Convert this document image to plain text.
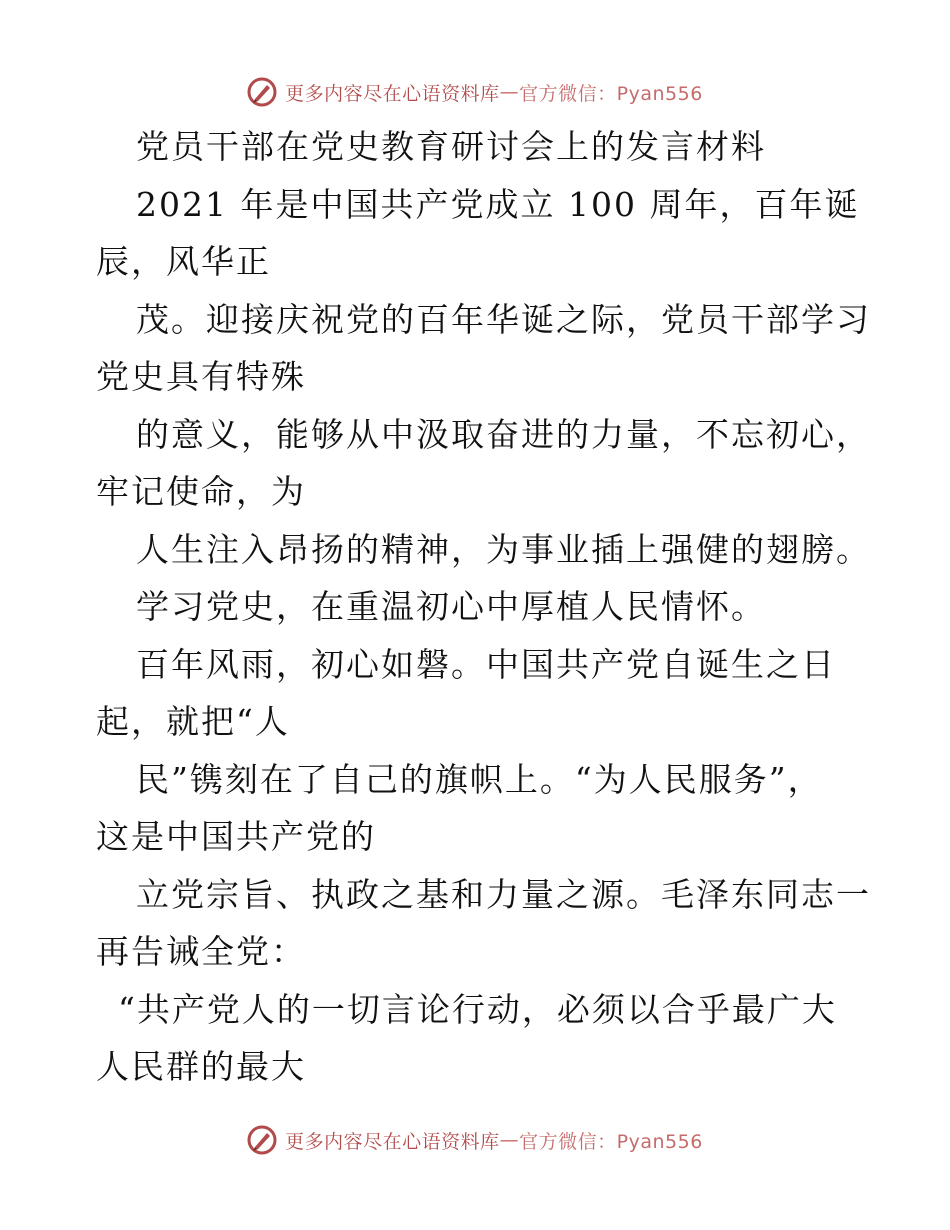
更多内容尽在心语资料库 — 官方微信：Pyan556
党员干部在党史教育研讨会上的发言材料
2021 年是中国共产党成立 100 周年，百年诞
辰，风华正
茂。迎接庆祝党的百年华诞之际，党员干部学习
党史具有特殊
的意义，能够从中汲取奋进的力量，不忘初心，
牢记使命，为
人生注入昂扬的精神，为事业插上强健的翅膀。
学习党史，在重温初心中厚植人民情怀。
百年风雨，初心如磐。中国共产党自诞生之日
起，就把“人
民”镌刻在了自己的旗帜上。“为人民服务”，
这是中国共产党的
立党宗旨、执政之基和力量之源。毛泽东同志一
再告诫全党：
“共产党人的一切言论行动，必须以合乎最广大
人民群的最大
更多内容尽在心语资料库 — 官方微信：Pyan556
